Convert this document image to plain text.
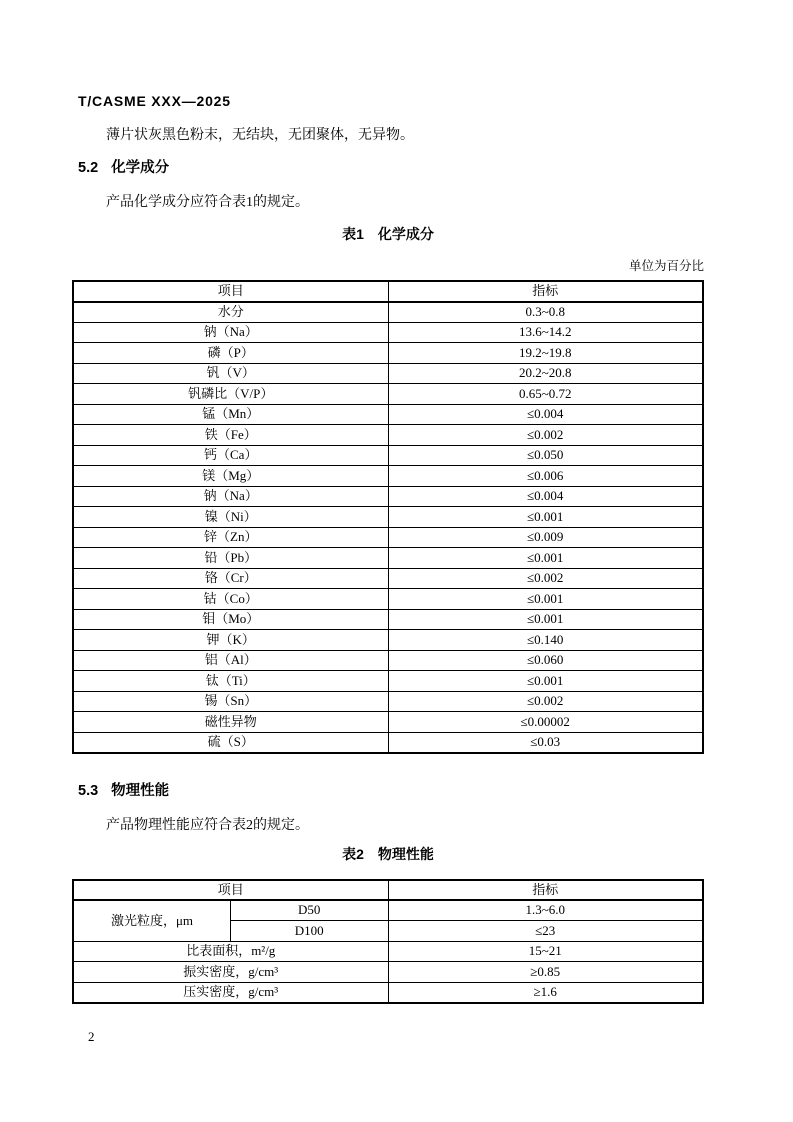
T/CASME XXX—2025
薄片状灰黑色粉末，无结块，无团聚体，无异物。
5.2 化学成分
产品化学成分应符合表1的规定。
表1 化学成分
单位为百分比
项目	指标
水分	0.3~0.8
钠（Na）	13.6~14.2
磷（P）	19.2~19.8
钒（V）	20.2~20.8
钒磷比（V/P）	0.65~0.72
锰（Mn）	≤0.004
铁（Fe）	≤0.002
钙（Ca）	≤0.050
镁（Mg）	≤0.006
钠（Na）	≤0.004
镍（Ni）	≤0.001
锌（Zn）	≤0.009
铅（Pb）	≤0.001
铬（Cr）	≤0.002
钴（Co）	≤0.001
钼（Mo）	≤0.001
钾（K）	≤0.140
铝（Al）	≤0.060
钛（Ti）	≤0.001
锡（Sn）	≤0.002
磁性异物	≤0.00002
硫（S）	≤0.03
5.3 物理性能
产品物理性能应符合表2的规定。
表2 物理性能
项目		指标
激光粒度，μm	D50	1.3~6.0
	D100	≤23
比表面积，m²/g		15~21
振实密度，g/cm³		≥0.85
压实密度，g/cm³		≥1.6
2
